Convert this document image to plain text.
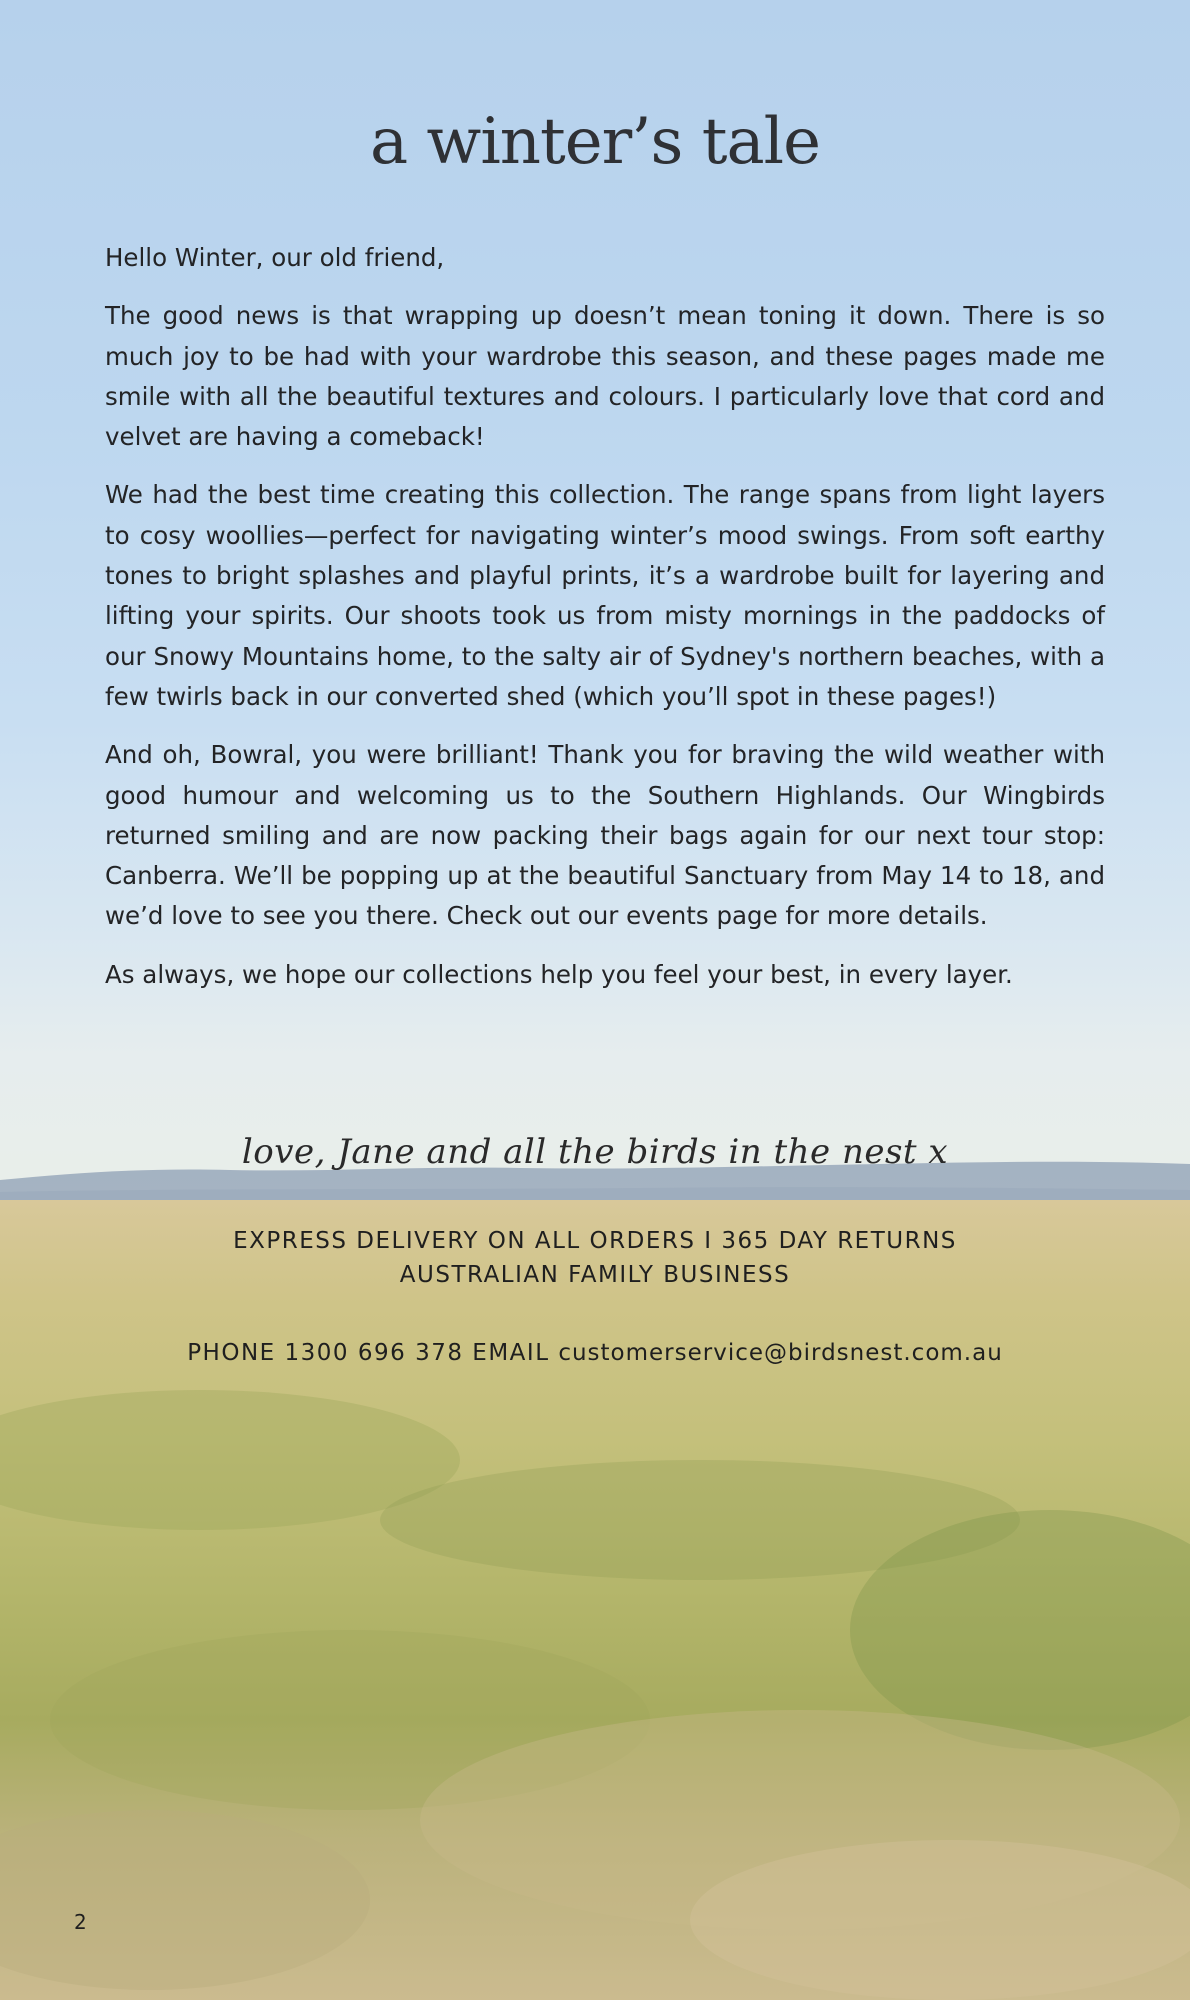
a winter’s tale

Hello Winter, our old friend,

The good news is that wrapping up doesn’t mean toning it down. There is so much joy to be had with your wardrobe this season, and these pages made me smile with all the beautiful textures and colours. I particularly love that cord and velvet are having a comeback!

We had the best time creating this collection. The range spans from light layers to cosy woollies—perfect for navigating winter’s mood swings. From soft earthy tones to bright splashes and playful prints, it’s a wardrobe built for layering and lifting your spirits. Our shoots took us from misty mornings in the paddocks of our Snowy Mountains home, to the salty air of Sydney's northern beaches, with a few twirls back in our converted shed (which you’ll spot in these pages!)

And oh, Bowral, you were brilliant! Thank you for braving the wild weather with good humour and welcoming us to the Southern Highlands. Our Wingbirds returned smiling and are now packing their bags again for our next tour stop: Canberra. We’ll be popping up at the beautiful Sanctuary from May 14 to 18, and we’d love to see you there. Check out our events page for more details.

As always, we hope our collections help you feel your best, in every layer.

love, Jane and all the birds in the nest x
EXPRESS DELIVERY ON ALL ORDERS I 365 DAY RETURNS
AUSTRALIAN FAMILY BUSINESS
PHONE 1300 696 378 EMAIL customerservice@birdsnest.com.au
2
